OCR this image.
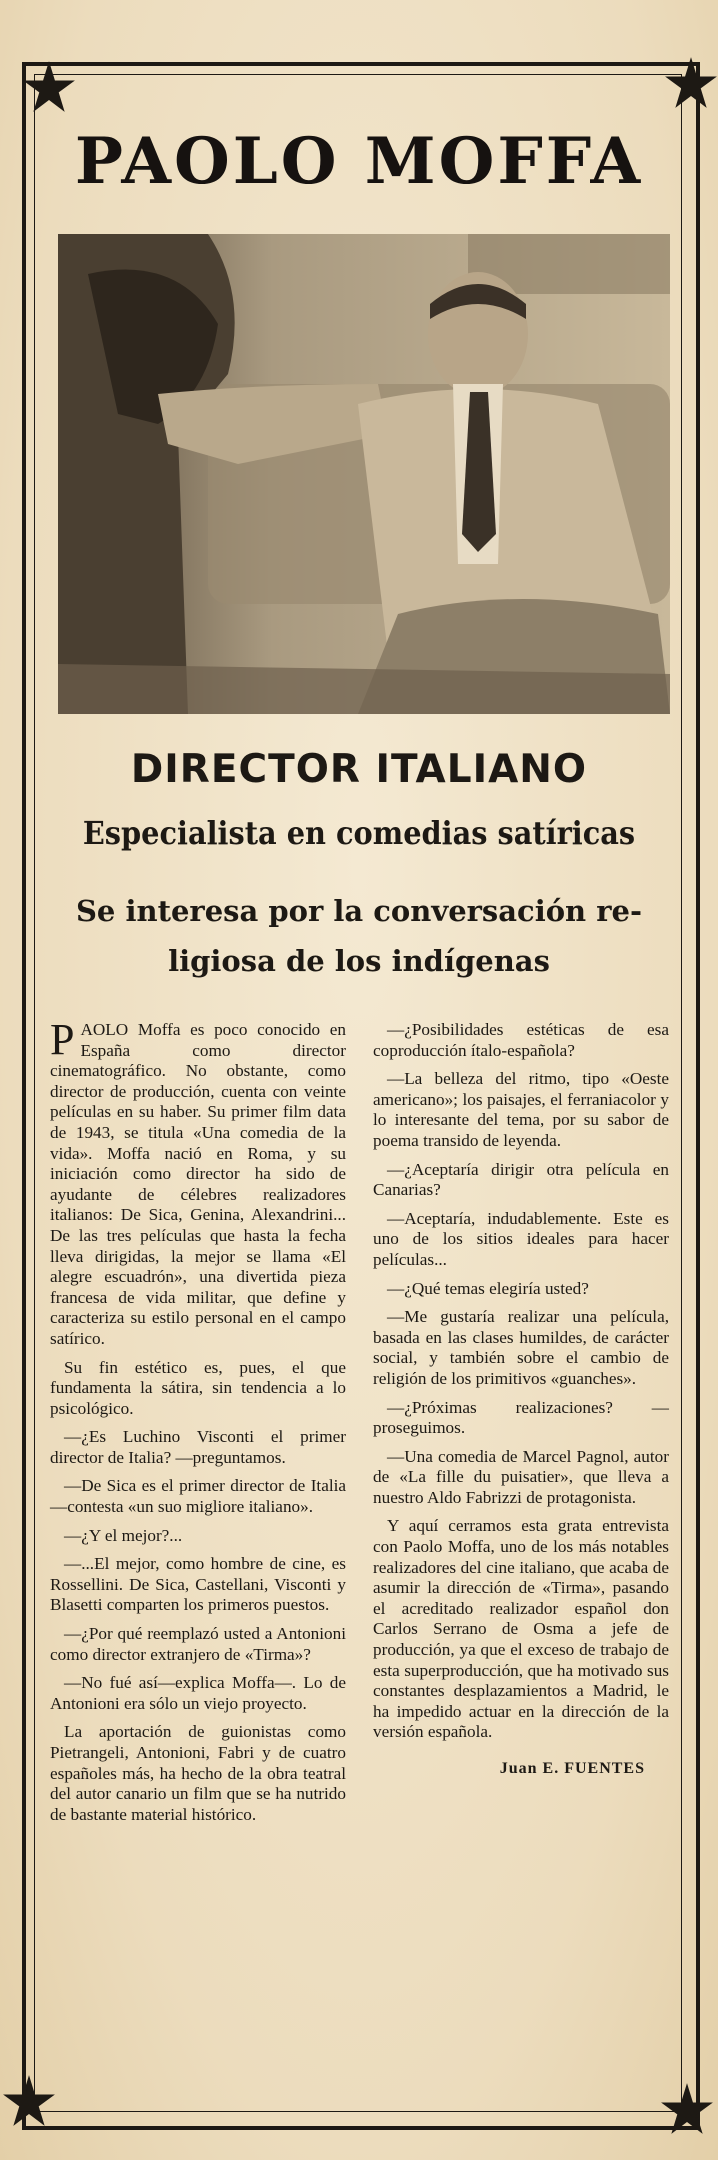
PAOLO MOFFA
DIRECTOR ITALIANO
Especialista en comedias satíricas
Se interesa por la conversación re-
ligiosa de los indígenas

PAOLO Moffa es poco conocido en España como director cinematográfico. No obstante, como director de producción, cuenta con veinte películas en su haber. Su primer film data de 1943, se titula «Una comedia de la vida». Moffa nació en Roma, y su iniciación como director ha sido de ayudante de célebres realizadores italianos: De Sica, Genina, Alexandrini... De las tres películas que hasta la fecha lleva dirigidas, la mejor se llama «El alegre escuadrón», una divertida pieza francesa de vida militar, que define y caracteriza su estilo personal en el campo satírico.

Su fin estético es, pues, el que fundamenta la sátira, sin tendencia a lo psicológico.

—¿Es Luchino Visconti el primer director de Italia? —preguntamos.

—De Sica es el primer director de Italia—contesta «un suo migliore italiano».

—¿Y el mejor?...

—...El mejor, como hombre de cine, es Rossellini. De Sica, Castellani, Visconti y Blasetti comparten los primeros puestos.

—¿Por qué reemplazó usted a Antonioni como director extranjero de «Tirma»?

—No fué así—explica Moffa—. Lo de Antonioni era sólo un viejo proyecto.

La aportación de guionistas como Pietrangeli, Antonioni, Fabri y de cuatro españoles más, ha hecho de la obra teatral del autor canario un film que se ha nutrido de bastante material histórico.

—¿Posibilidades estéticas de esa coproducción ítalo-española?

—La belleza del ritmo, tipo «Oeste americano»; los paisajes, el ferraniacolor y lo interesante del tema, por su sabor de poema transido de leyenda.

—¿Aceptaría dirigir otra película en Canarias?

—Aceptaría, indudablemente. Este es uno de los sitios ideales para hacer películas...

—¿Qué temas elegiría usted?

—Me gustaría realizar una película, basada en las clases humildes, de carácter social, y también sobre el cambio de religión de los primitivos «guanches».

—¿Próximas realizaciones? —proseguimos.

—Una comedia de Marcel Pagnol, autor de «La fille du puisatier», que lleva a nuestro Aldo Fabrizzi de protagonista.

Y aquí cerramos esta grata entrevista con Paolo Moffa, uno de los más notables realizadores del cine italiano, que acaba de asumir la dirección de «Tirma», pasando el acreditado realizador español don Carlos Serrano de Osma a jefe de producción, ya que el exceso de trabajo de esta superproducción, que ha motivado sus constantes desplazamientos a Madrid, le ha impedido actuar en la dirección de la versión española.

Juan E. FUENTES
